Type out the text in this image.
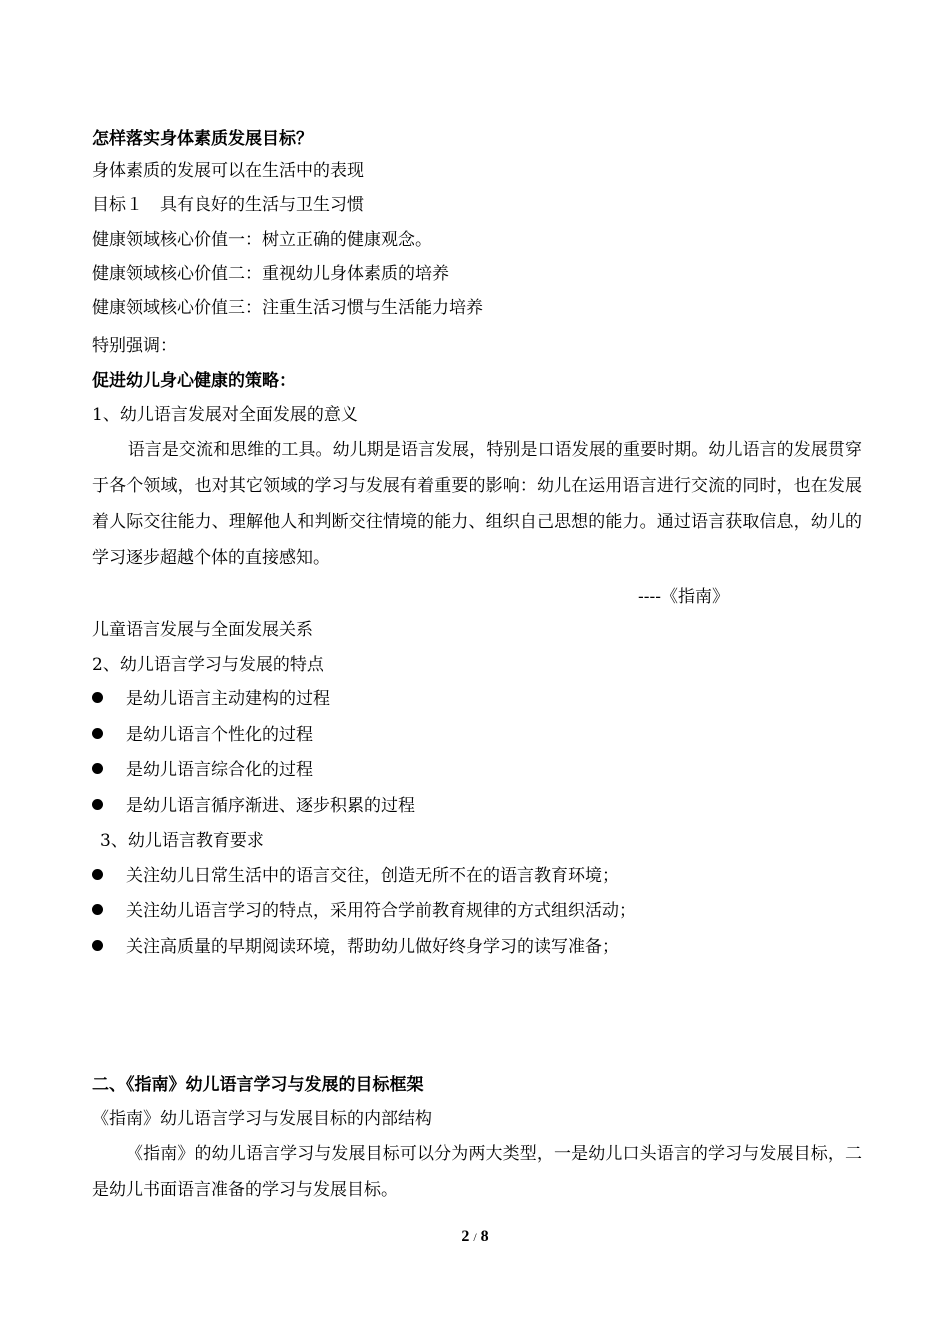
怎样落实身体素质发展目标？
身体素质的发展可以在生活中的表现
目标１　具有良好的生活与卫生习惯
健康领域核心价值一：树立正确的健康观念。
健康领域核心价值二：重视幼儿身体素质的培养
健康领域核心价值三：注重生活习惯与生活能力培养
特别强调：
促进幼儿身心健康的策略：
1、幼儿语言发展对全面发展的意义
语言是交流和思维的工具。幼儿期是语言发展，特别是口语发展的重要时期。幼儿语言的发展贯穿于各个领域，也对其它领域的学习与发展有着重要的影响：幼儿在运用语言进行交流的同时，也在发展着人际交往能力、理解他人和判断交往情境的能力、组织自己思想的能力。通过语言获取信息，幼儿的学习逐步超越个体的直接感知。
----《指南》
儿童语言发展与全面发展关系
2、幼儿语言学习与发展的特点
是幼儿语言主动建构的过程
是幼儿语言个性化的过程
是幼儿语言综合化的过程
是幼儿语言循序渐进、逐步积累的过程
3、幼儿语言教育要求
关注幼儿日常生活中的语言交往，创造无所不在的语言教育环境；
关注幼儿语言学习的特点，采用符合学前教育规律的方式组织活动；
关注高质量的早期阅读环境，帮助幼儿做好终身学习的读写准备；
二、《指南》幼儿语言学习与发展的目标框架
《指南》幼儿语言学习与发展目标的内部结构
《指南》的幼儿语言学习与发展目标可以分为两大类型，一是幼儿口头语言的学习与发展目标，二是幼儿书面语言准备的学习与发展目标。
2 / 8
